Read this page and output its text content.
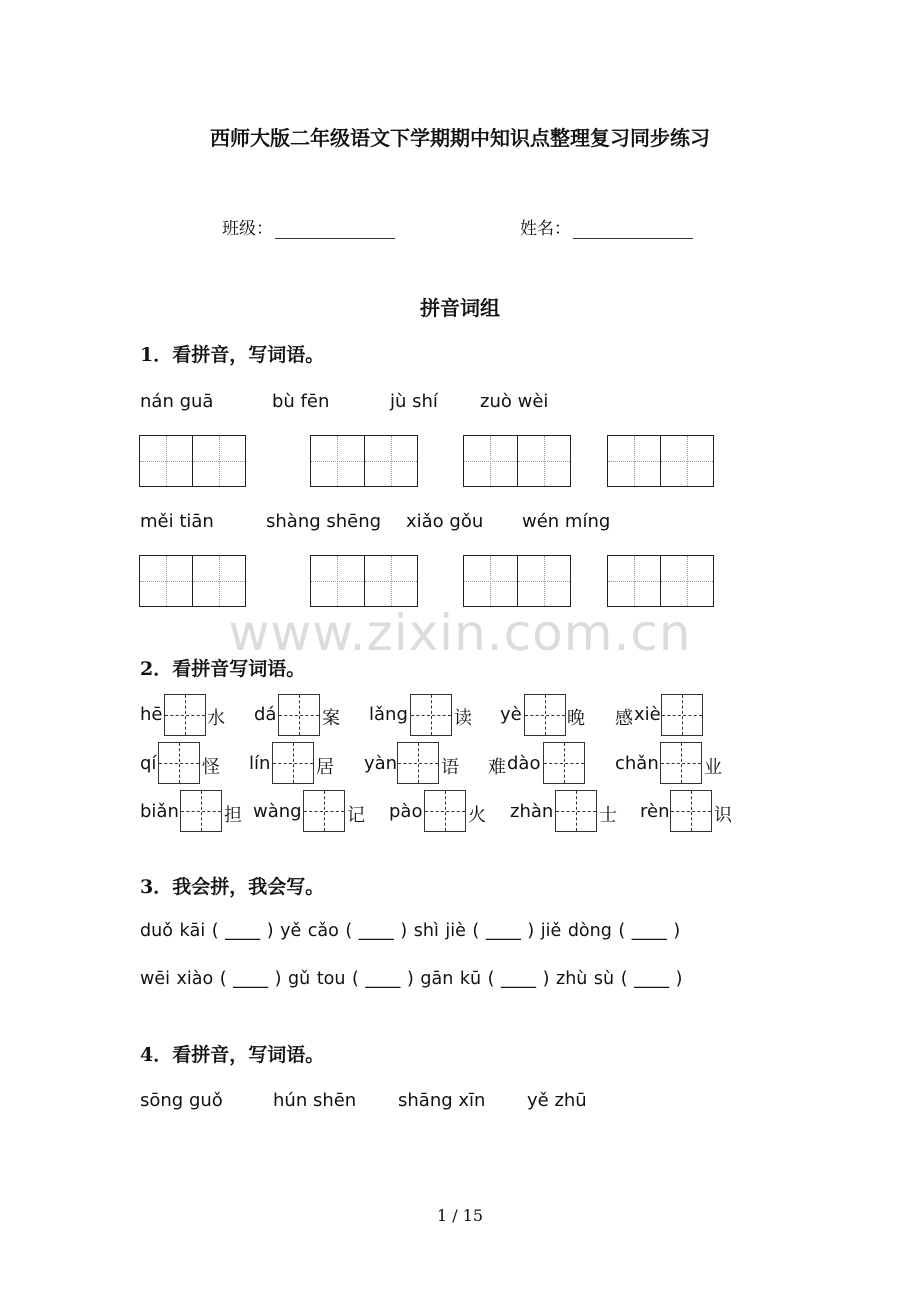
西师大版二年级语文下学期期中知识点整理复习同步练习
班级：	姓名：
拼音词组
1．看拼音，写词语。
nán guā	bù fēn	jù shí zuò wèi
měi tiān	shàng shēng xiǎo gǒu wén míng
www.zixin.com.cn
2．看拼音写词语。
hē 水 dá	案 lǎng	读 yè	晚 感 xiè
qí	怪 lín	居 yàn 语 难 dào	chǎn	业
biǎn	担 wàng	记 pào	火 zhàn	士 rèn 识
3．我会拼，我会写。
duǒ kāi ( ____ ) yě cǎo ( ____ ) shì jiè ( ____ ) jiě dòng ( ____ )
wēi xiào ( ____ ) gǔ tou ( ____ ) gān kū ( ____ ) zhù sù ( ____ )
4．看拼音，写词语。
sōng guǒ	hún shēn shāng xīn yě zhū
1 / 15
